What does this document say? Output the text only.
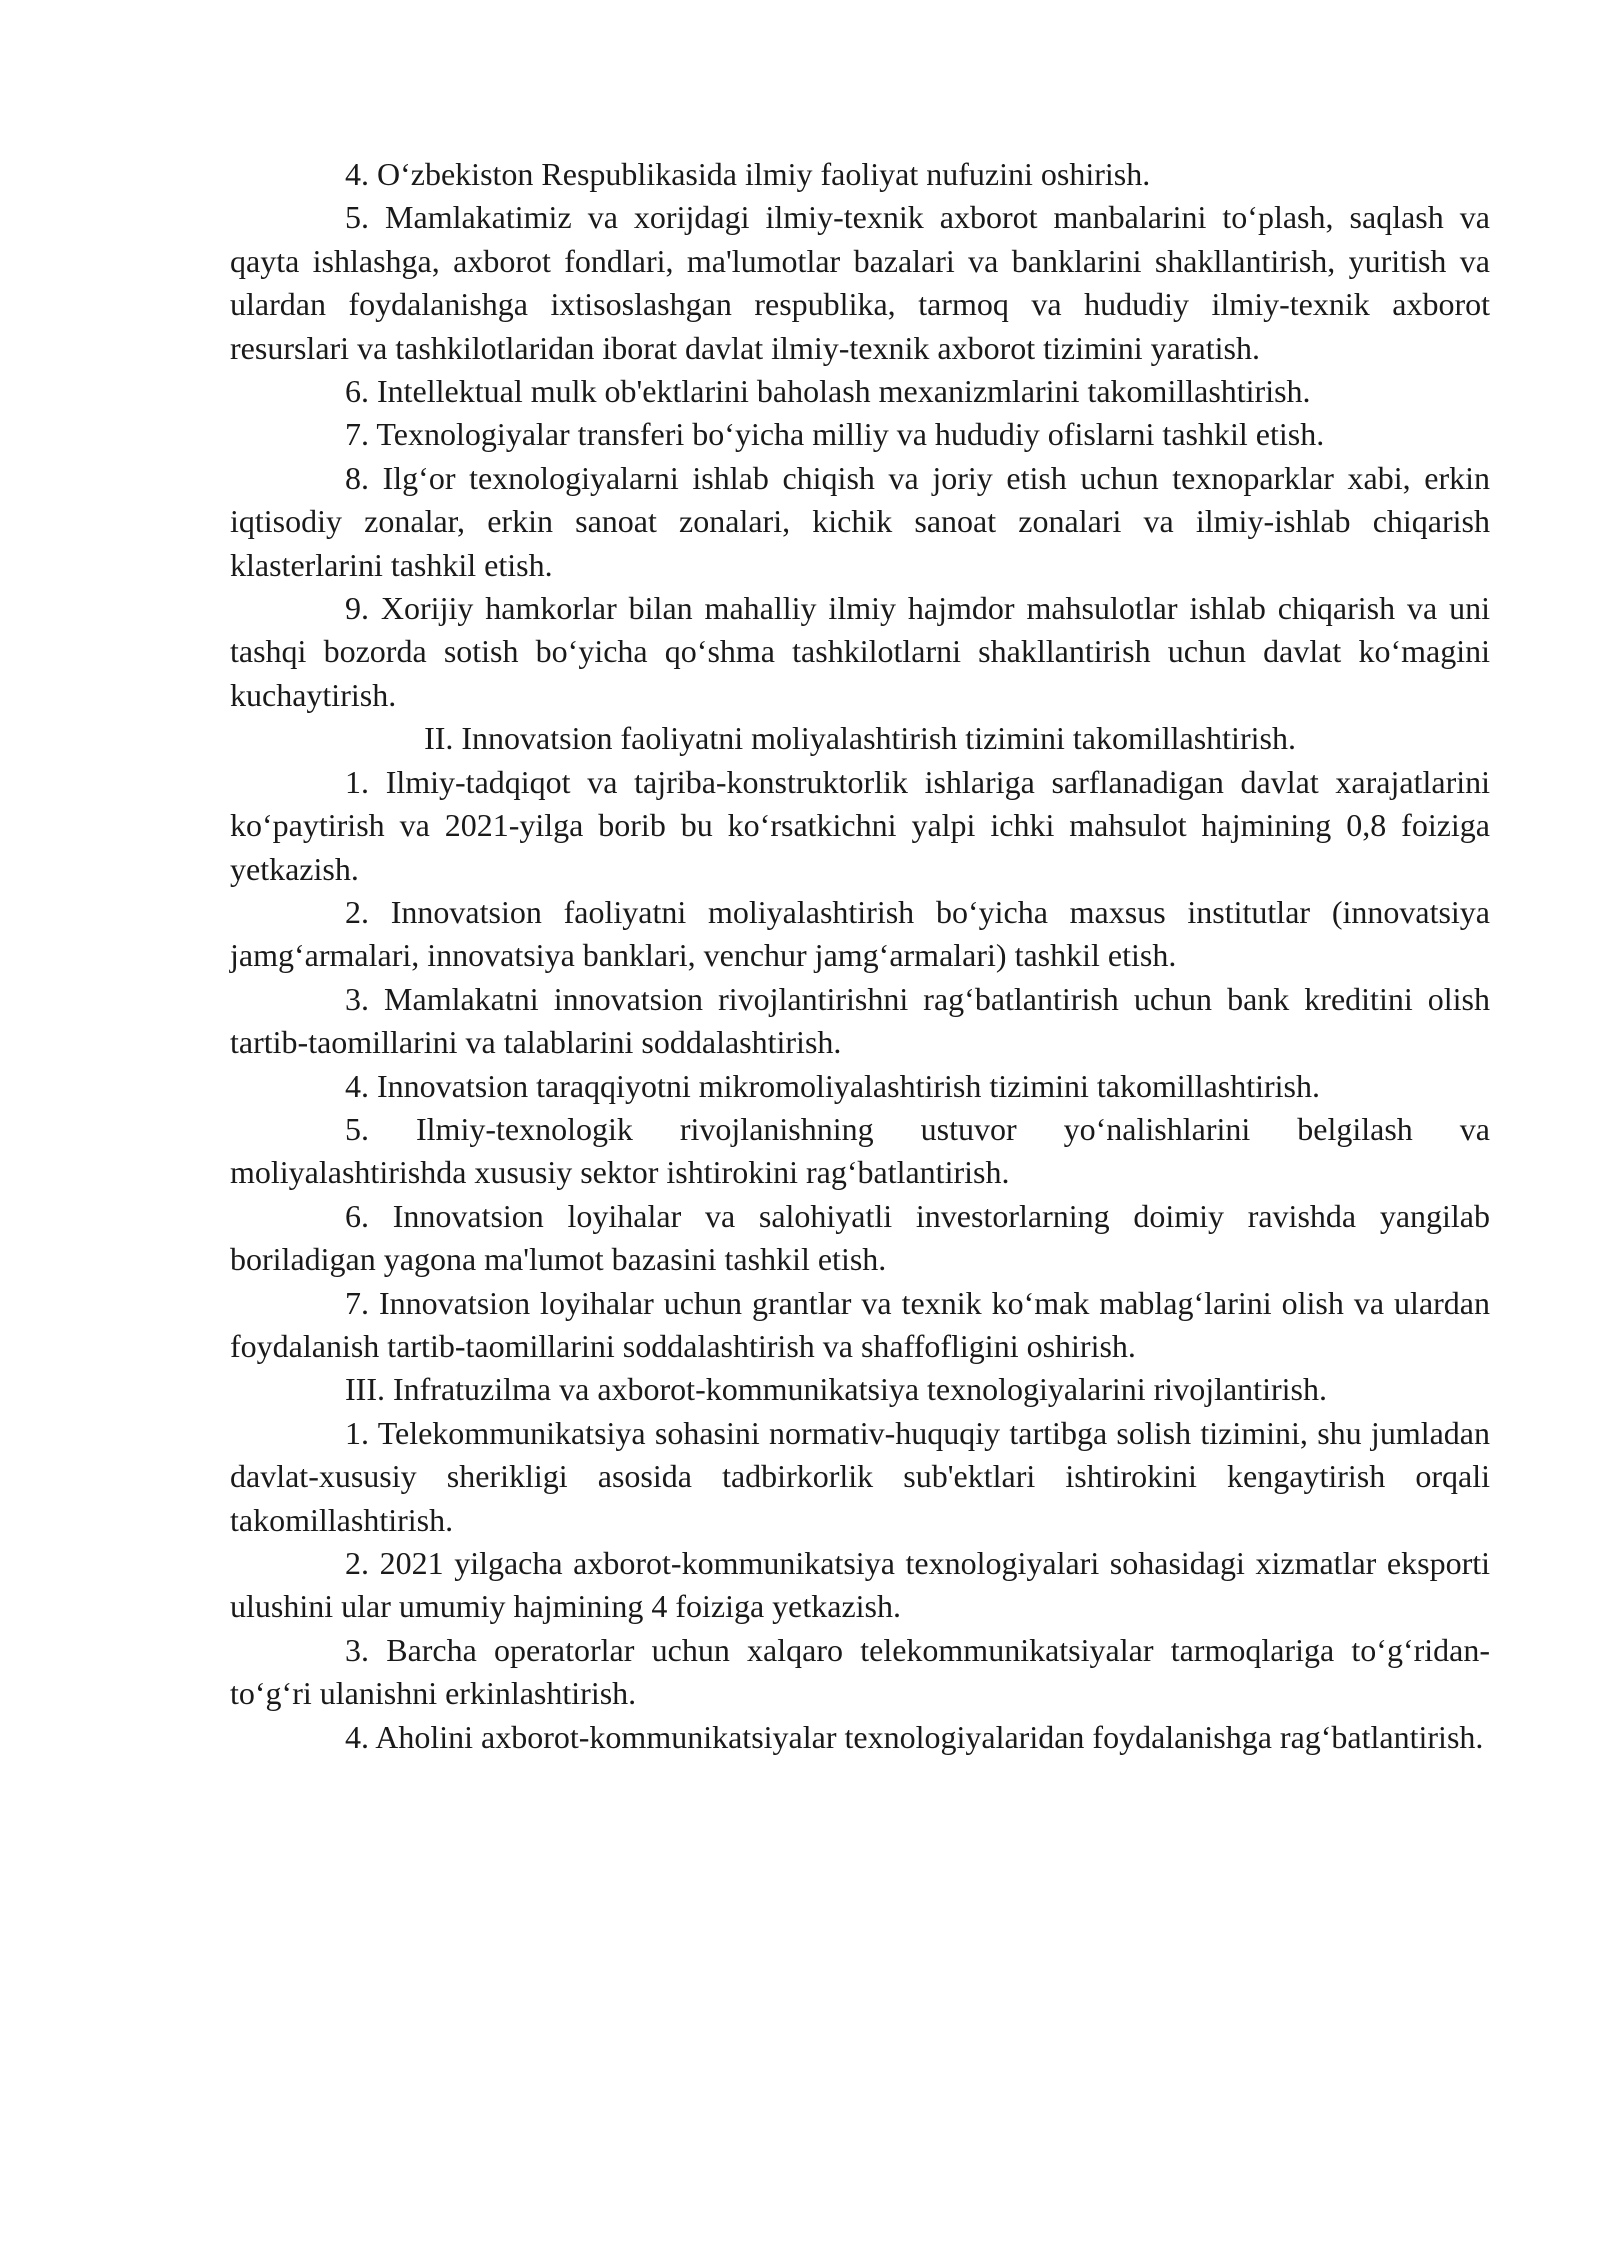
4. O‘zbekiston Respublikasida ilmiy faoliyat nufuzini oshirish.

5. Mamlakatimiz va xorijdagi ilmiy-texnik axborot manbalarini to‘plash, saqlash va qayta ishlashga, axborot fondlari, ma'lumotlar bazalari va banklarini shakllantirish, yuritish va ulardan foydalanishga ixtisoslashgan respublika, tarmoq va hududiy ilmiy-texnik axborot resurslari va tashkilotlaridan iborat davlat ilmiy-texnik axborot tizimini yaratish.

6. Intellektual mulk ob'ektlarini baholash mexanizmlarini takomillashtirish.

7. Texnologiyalar transferi bo‘yicha milliy va hududiy ofislarni tashkil etish.

8. Ilg‘or texnologiyalarni ishlab chiqish va joriy etish uchun texnoparklar xabi, erkin iqtisodiy zonalar, erkin sanoat zonalari, kichik sanoat zonalari va ilmiy-ishlab chiqarish klasterlarini tashkil etish.

9. Xorijiy hamkorlar bilan mahalliy ilmiy hajmdor mahsulotlar ishlab chiqarish va uni tashqi bozorda sotish bo‘yicha qo‘shma tashkilotlarni shakllantirish uchun davlat ko‘magini kuchaytirish.

II. Innovatsion faoliyatni moliyalashtirish tizimini takomillashtirish.

1. Ilmiy-tadqiqot va tajriba-konstruktorlik ishlariga sarflanadigan davlat xarajatlarini ko‘paytirish va 2021-yilga borib bu ko‘rsatkichni yalpi ichki mahsulot hajmining 0,8 foiziga yetkazish.

2. Innovatsion faoliyatni moliyalashtirish bo‘yicha maxsus institutlar (innovatsiya jamg‘armalari, innovatsiya banklari, venchur jamg‘armalari) tashkil etish.

3. Mamlakatni innovatsion rivojlantirishni rag‘batlantirish uchun bank kreditini olish tartib-taomillarini va talablarini soddalashtirish.

4. Innovatsion taraqqiyotni mikromoliyalashtirish tizimini takomillashtirish.

5. Ilmiy-texnologik rivojlanishning ustuvor yo‘nalishlarini belgilash va moliyalashtirishda xususiy sektor ishtirokini rag‘batlantirish.

6. Innovatsion loyihalar va salohiyatli investorlarning doimiy ravishda yangilab boriladigan yagona ma'lumot bazasini tashkil etish.

7. Innovatsion loyihalar uchun grantlar va texnik ko‘mak mablag‘larini olish va ulardan foydalanish tartib-taomillarini soddalashtirish va shaffofligini oshirish.

III. Infratuzilma va axborot-kommunikatsiya texnologiyalarini rivojlantirish.

1. Telekommunikatsiya sohasini normativ-huquqiy tartibga solish tizimini, shu jumladan davlat-xususiy sherikligi asosida tadbirkorlik sub'ektlari ishtirokini kengaytirish orqali takomillashtirish.

2. 2021 yilgacha axborot-kommunikatsiya texnologiyalari sohasidagi xizmatlar eksporti ulushini ular umumiy hajmining 4 foiziga yetkazish.

3. Barcha operatorlar uchun xalqaro telekommunikatsiyalar tarmoqlariga to‘g‘ridan-to‘g‘ri ulanishni erkinlashtirish.

4. Aholini axborot-kommunikatsiyalar texnologiyalaridan foydalanishga rag‘batlantirish.
